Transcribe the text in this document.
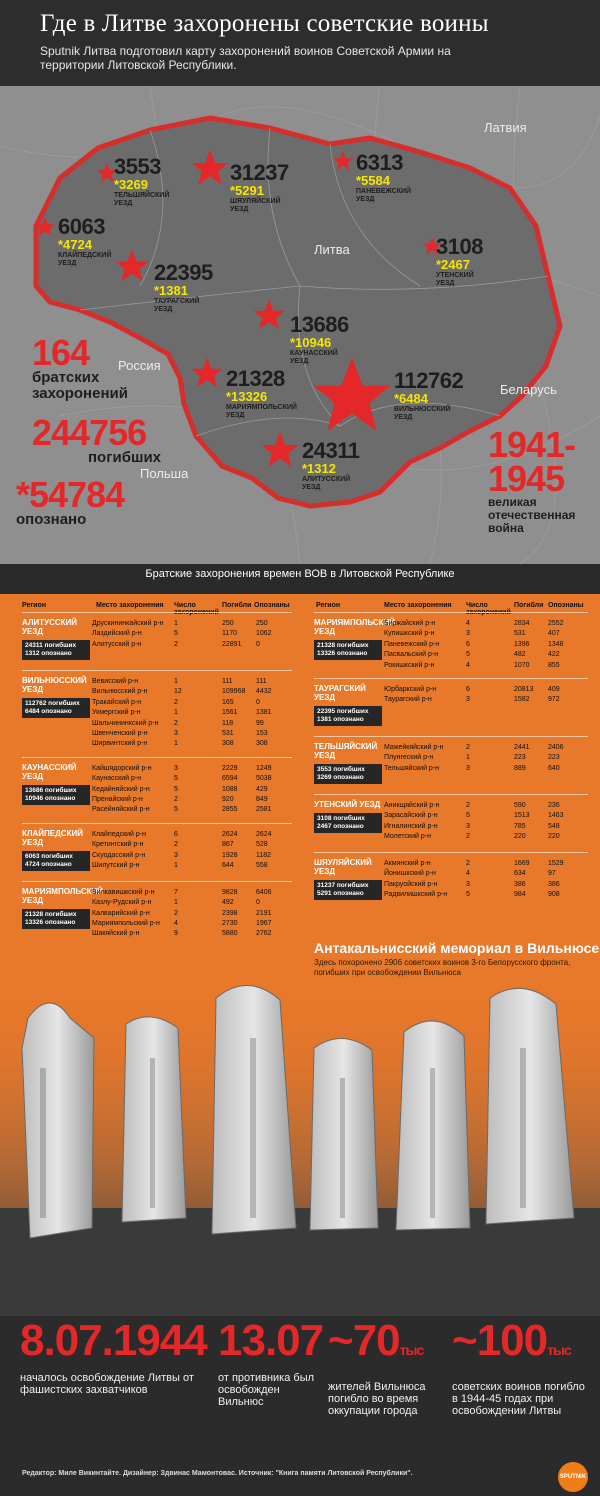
Где в Литве захоронены советские воины
Sputnik Литва подготовил карту захоронений воинов Советской Армии на территории Литовской Республики.
Латвия
Литва
Россия
Беларусь
Польша
3553
*3269
ТЕЛЬШЯЙСКИЙ УЕЗД
31237
*5291
ШЯУЛЯЙСКИЙ УЕЗД
6313
*5584
ПАНЕВЕЖСКИЙ УЕЗД
6063
*4724
КЛАЙПЕДСКИЙ УЕЗД	22395
*1381
ТАУРАГСКИЙ УЕЗД
3108
*2467
УТЕНСКИЙ УЕЗД
13686
*10946
КАУНАССКИЙ УЕЗД
21328
*13326
МАРИЯМПОЛЬСКИЙ УЕЗД
112762
*6484
ВИЛЬНЮССКИЙ УЕЗД
24311
*1312
АЛИТУССКИЙ УЕЗД
164
братских захоронений
244756
погибших
*54784
опознано
1941-
1945
великая отечественная война
Братские захоронения времен ВОВ в Литовской Республике
Регион	Место захоронения Число	Погибли Опознаны	Регион	Место захоронения Число	Погибли Опознаны
АЛИТУССКИЙ УЕЗД
24311 погибших 1312 опознано
Друскининкайский р-н 1	250	250
Лаздийский р-н	5	1170	1062
Алитусский р-н	2	22891 0
ВИЛЬНЮССКИЙ УЕЗД
112762 погибших 6484 опознано
Вевисский р-н	1	111	111
Вильнюсский р-н	12	109968 4432
Тракайский р-н	2	165	0
Укмергский р-н	1	1561	1381
Шальчининкский р-н 2	118	99
Швенченский р-н	3	531	153
Ширвинтский р-н	1	308	308
КАУНАССКИЙ УЕЗД
13686 погибших 10946 опознано
Кайшядорский р-н	3	2229	1249
Каунасский р-н	5	6594	5038
Кедайняйский р-н	5	1088	429
Пренайский р-н	2	920	849
Расейняйский р-н	5	2855	2581
КЛАЙПЕДСКИЙ УЕЗД
6063 погибших 4724 опознано
Клайпедский р-н	6	2624	2624
Кретингский р-н	2	867	528
Скуодасский р-н	3	1928	1182
Шилутский р-н	1	644	558
МАРИЯМПОЛЬСКИЙ УЕЗД
21328 погибших 13326 опознано
Вилкавишкский р-н	7	9828	6406
Казлу-Рудский р-н	1	492	0
Калварийский р-н	2	2398	2191
Мариямпольский р-н 4	2730	1967
Шакяйский р-н	9	5880	2762
МАРИЯМПОЛЬСКИЙ УЕЗД
21328 погибших 13326 опознано
Биржайский р-н	4	2834	2552
Купишкский р-н	3	531	407
Паневежский р-н	6	1396	1348
Пасвальский р-н	5	482	422
Рокишкский р-н	4	1070	855
ТАУРАГСКИЙ УЕЗД
22395 погибших 1381 опознано
Юрбаркский р-н	6	20813 409
Таурагский р-н	3	1582	972
ТЕЛЬШЯЙСКИЙ УЕЗД
3553 погибших 3269 опознано
Мажейкяйский р-н	2	2441	2406
Плунгеский р-н	1	223	223
Тельшяйский р-н	3	889	640
УТЕНСКИЙ УЕЗД
3108 погибших 2467 опознано
Аникщяйский р-н	2	590	236
Зарасайский р-н	5	1513	1463
Игналинский р-н	3	785	548
Молетский р-н	2	220	220
ШЯУЛЯЙСКИЙ УЕЗД
31237 погибших 5291 опознано
Акмянский р-н	2	1669	1529
Йонишкский р-н	4	634	97
Пакруойский р-н	3	386	386
Радвилишкский р-н	5	984	908
Антакальнисский мемориал в Вильнюсе
Здесь похоронено 2906 советских воинов 3-го Белорусского фронта, погибших при освобождении Вильнюса
8.07.1944
началось освобождение Литвы от фашистских захватчиков
13.07
от противника был освобожден Вильнюс
~70тыс
жителей Вильнюса погибло во время оккупации города
~100тыс
советских воинов погибло в 1944-45 годах при освобождении Литвы
Редактор: Миле Викинтайте. Дизайнер: Здвинас Мамонтовас. Источник: "Книга памяти Литовской Республики".	SPUTNIK
